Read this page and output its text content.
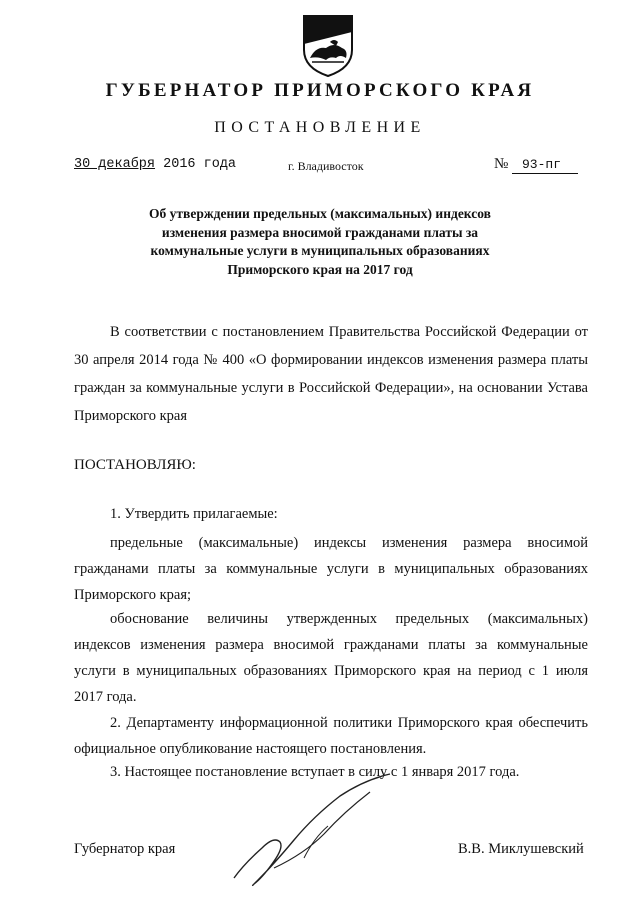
ГУБЕРНАТОР ПРИМОРСКОГО КРАЯ
ПОСТАНОВЛЕНИЕ
30 декабря 2016 года	г. Владивосток	№	93-пг
Об утверждении предельных (максимальных) индексов изменения размера вносимой гражданами платы за коммунальные услуги в муниципальных образованиях Приморского края на 2017 год
В соответствии с постановлением Правительства Российской Федерации от 30 апреля 2014 года № 400 «О формировании индексов изменения размера платы граждан за коммунальные услуги в Российской Федерации», на основании Устава Приморского края
ПОСТАНОВЛЯЮ:
1. Утвердить прилагаемые:
предельные (максимальные) индексы изменения размера вносимой гражданами платы за коммунальные услуги в муниципальных образованиях Приморского края;
обоснование величины утвержденных предельных (максимальных) индексов изменения размера вносимой гражданами платы за коммунальные услуги в муниципальных образованиях Приморского края на период с 1 июля 2017 года.
2. Департаменту информационной политики Приморского края обеспечить официальное опубликование настоящего постановления.
3. Настоящее постановление вступает в силу с 1 января 2017 года.
Губернатор края	В.В. Миклушевский
